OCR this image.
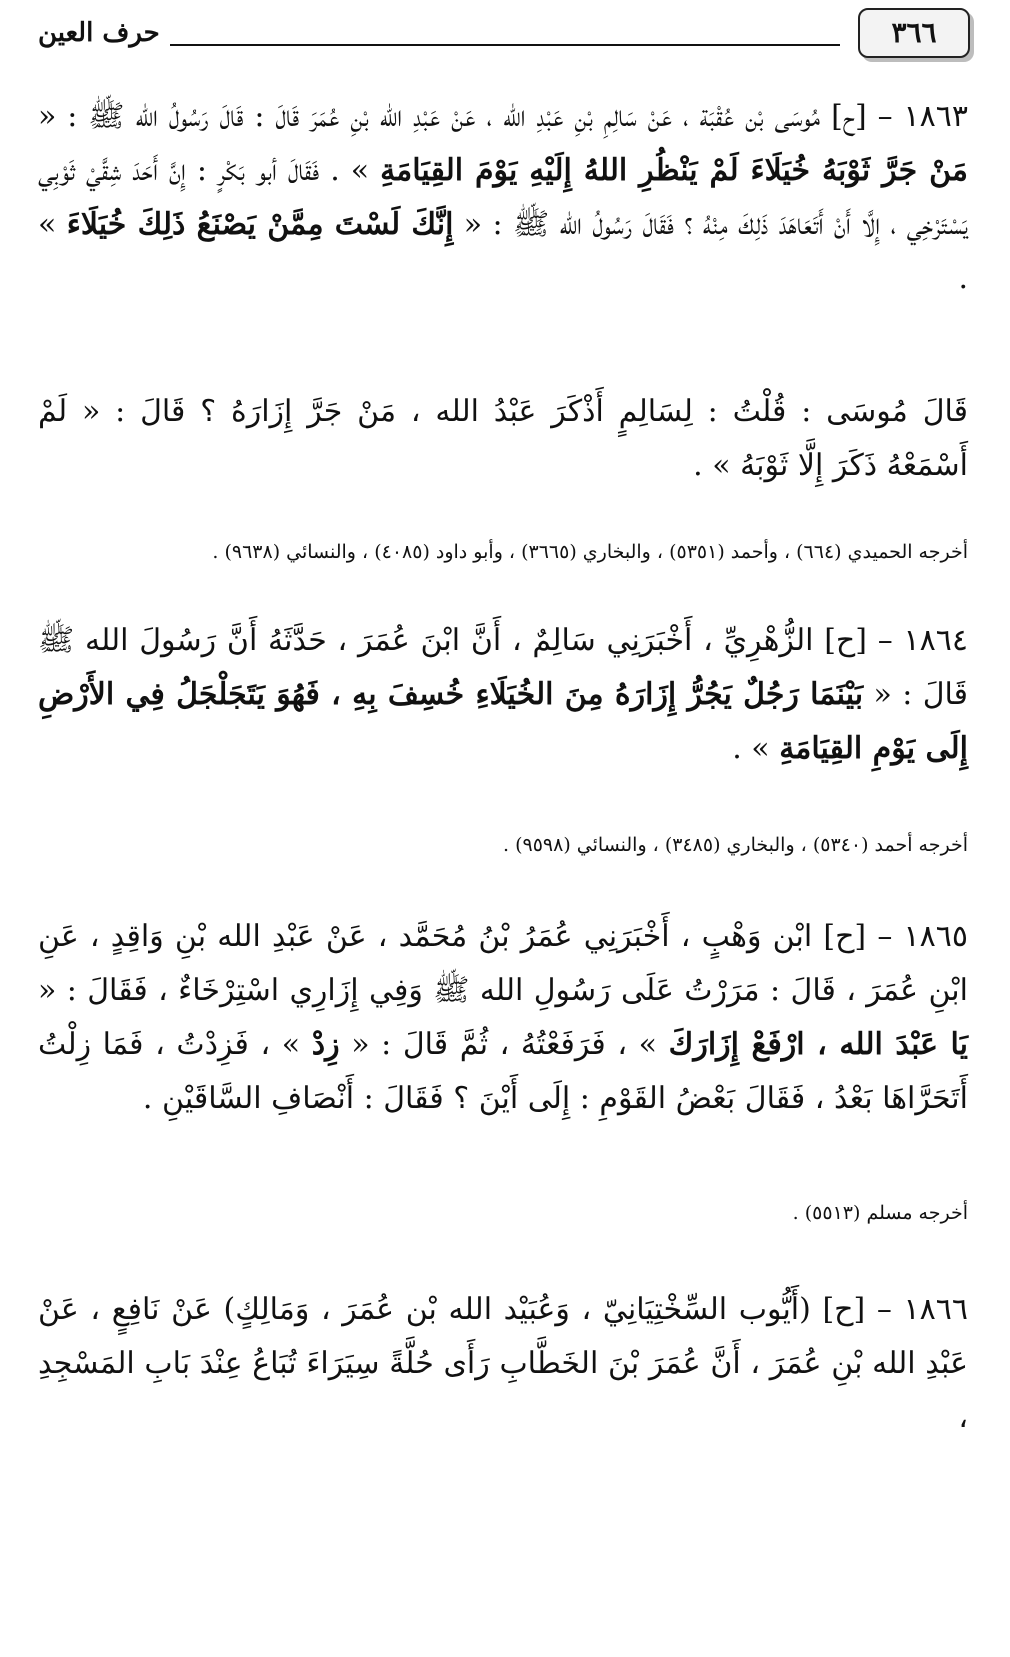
٣٦٦
حرف العين

١٨٦٣ – [ح] مُوسَى بْن عُقْبَة ، عَنْ سَالِمِ بْنِ عَبْدِ الله ، عَنْ عَبْدِ الله بْنِ عُمَرَ قَالَ : قَالَ رَسُولُ الله ﷺ : « مَنْ جَرَّ ثَوْبَهُ خُيَلَاءَ لَمْ يَنْظُرِ اللهُ إِلَيْهِ يَوْمَ القِيَامَةِ » . فَقَالَ أبو بَكْرٍ : إِنَّ أَحَدَ شِقَّيْ ثَوْبِي يَسْتَرْخِي ، إِلَّا أَنْ أَتَعَاهَدَ ذَلِكَ مِنْهُ ؟ فَقَالَ رَسُولُ الله ﷺ : « إِنَّكَ لَسْتَ مِمَّنْ يَصْنَعُ ذَلِكَ خُيَلَاءَ » .

قَالَ مُوسَى : قُلْتُ : لِسَالِمٍ أَذْكَرَ عَبْدُ الله ، مَنْ جَرَّ إِزَارَهُ ؟ قَالَ : « لَمْ أَسْمَعْهُ ذَكَرَ إِلَّا ثَوْبَهُ » .

أخرجه الحميدي (٦٦٤) ، وأحمد (٥٣٥١) ، والبخاري (٣٦٦٥) ، وأبو داود (٤٠٨٥) ، والنسائي (٩٦٣٨) .

١٨٦٤ – [ح] الزُّهْرِيِّ ، أَخْبَرَنِي سَالِمٌ ، أَنَّ ابْنَ عُمَرَ ، حَدَّثَهُ أَنَّ رَسُولَ الله ﷺ قَالَ : « بَيْنَمَا رَجُلٌ يَجُرُّ إِزَارَهُ مِنَ الخُيَلَاءِ خُسِفَ بِهِ ، فَهُوَ يَتَجَلْجَلُ فِي الأَرْضِ إِلَى يَوْمِ القِيَامَةِ » .

أخرجه أحمد (٥٣٤٠) ، والبخاري (٣٤٨٥) ، والنسائي (٩٥٩٨) .

١٨٦٥ – [ح] ابْن وَهْبٍ ، أَخْبَرَنِي عُمَرُ بْنُ مُحَمَّد ، عَنْ عَبْدِ الله بْنِ وَاقِدٍ ، عَنِ ابْنِ عُمَرَ ، قَالَ : مَرَرْتُ عَلَى رَسُولِ الله ﷺ وَفِي إِزَارِي اسْتِرْخَاءٌ ، فَقَالَ : « يَا عَبْدَ الله ، ارْفَعْ إِزَارَكَ » ، فَرَفَعْتُهُ ، ثُمَّ قَالَ : « زِدْ » ، فَزِدْتُ ، فَمَا زِلْتُ أَتَحَرَّاهَا بَعْدُ ، فَقَالَ بَعْضُ القَوْمِ : إِلَى أَيْنَ ؟ فَقَالَ : أَنْصَافِ السَّاقَيْنِ .

أخرجه مسلم (٥٥١٣) .

١٨٦٦ – [ح] (أَيُّوب السِّخْتِيَانِيّ ، وَعُبَيْد الله بْن عُمَرَ ، وَمَالِكٍ) عَنْ نَافِعٍ ، عَنْ عَبْدِ الله بْنِ عُمَرَ ، أَنَّ عُمَرَ بْنَ الخَطَّابِ رَأَى حُلَّةً سِيَرَاءَ تُبَاعُ عِنْدَ بَابِ المَسْجِدِ ،
